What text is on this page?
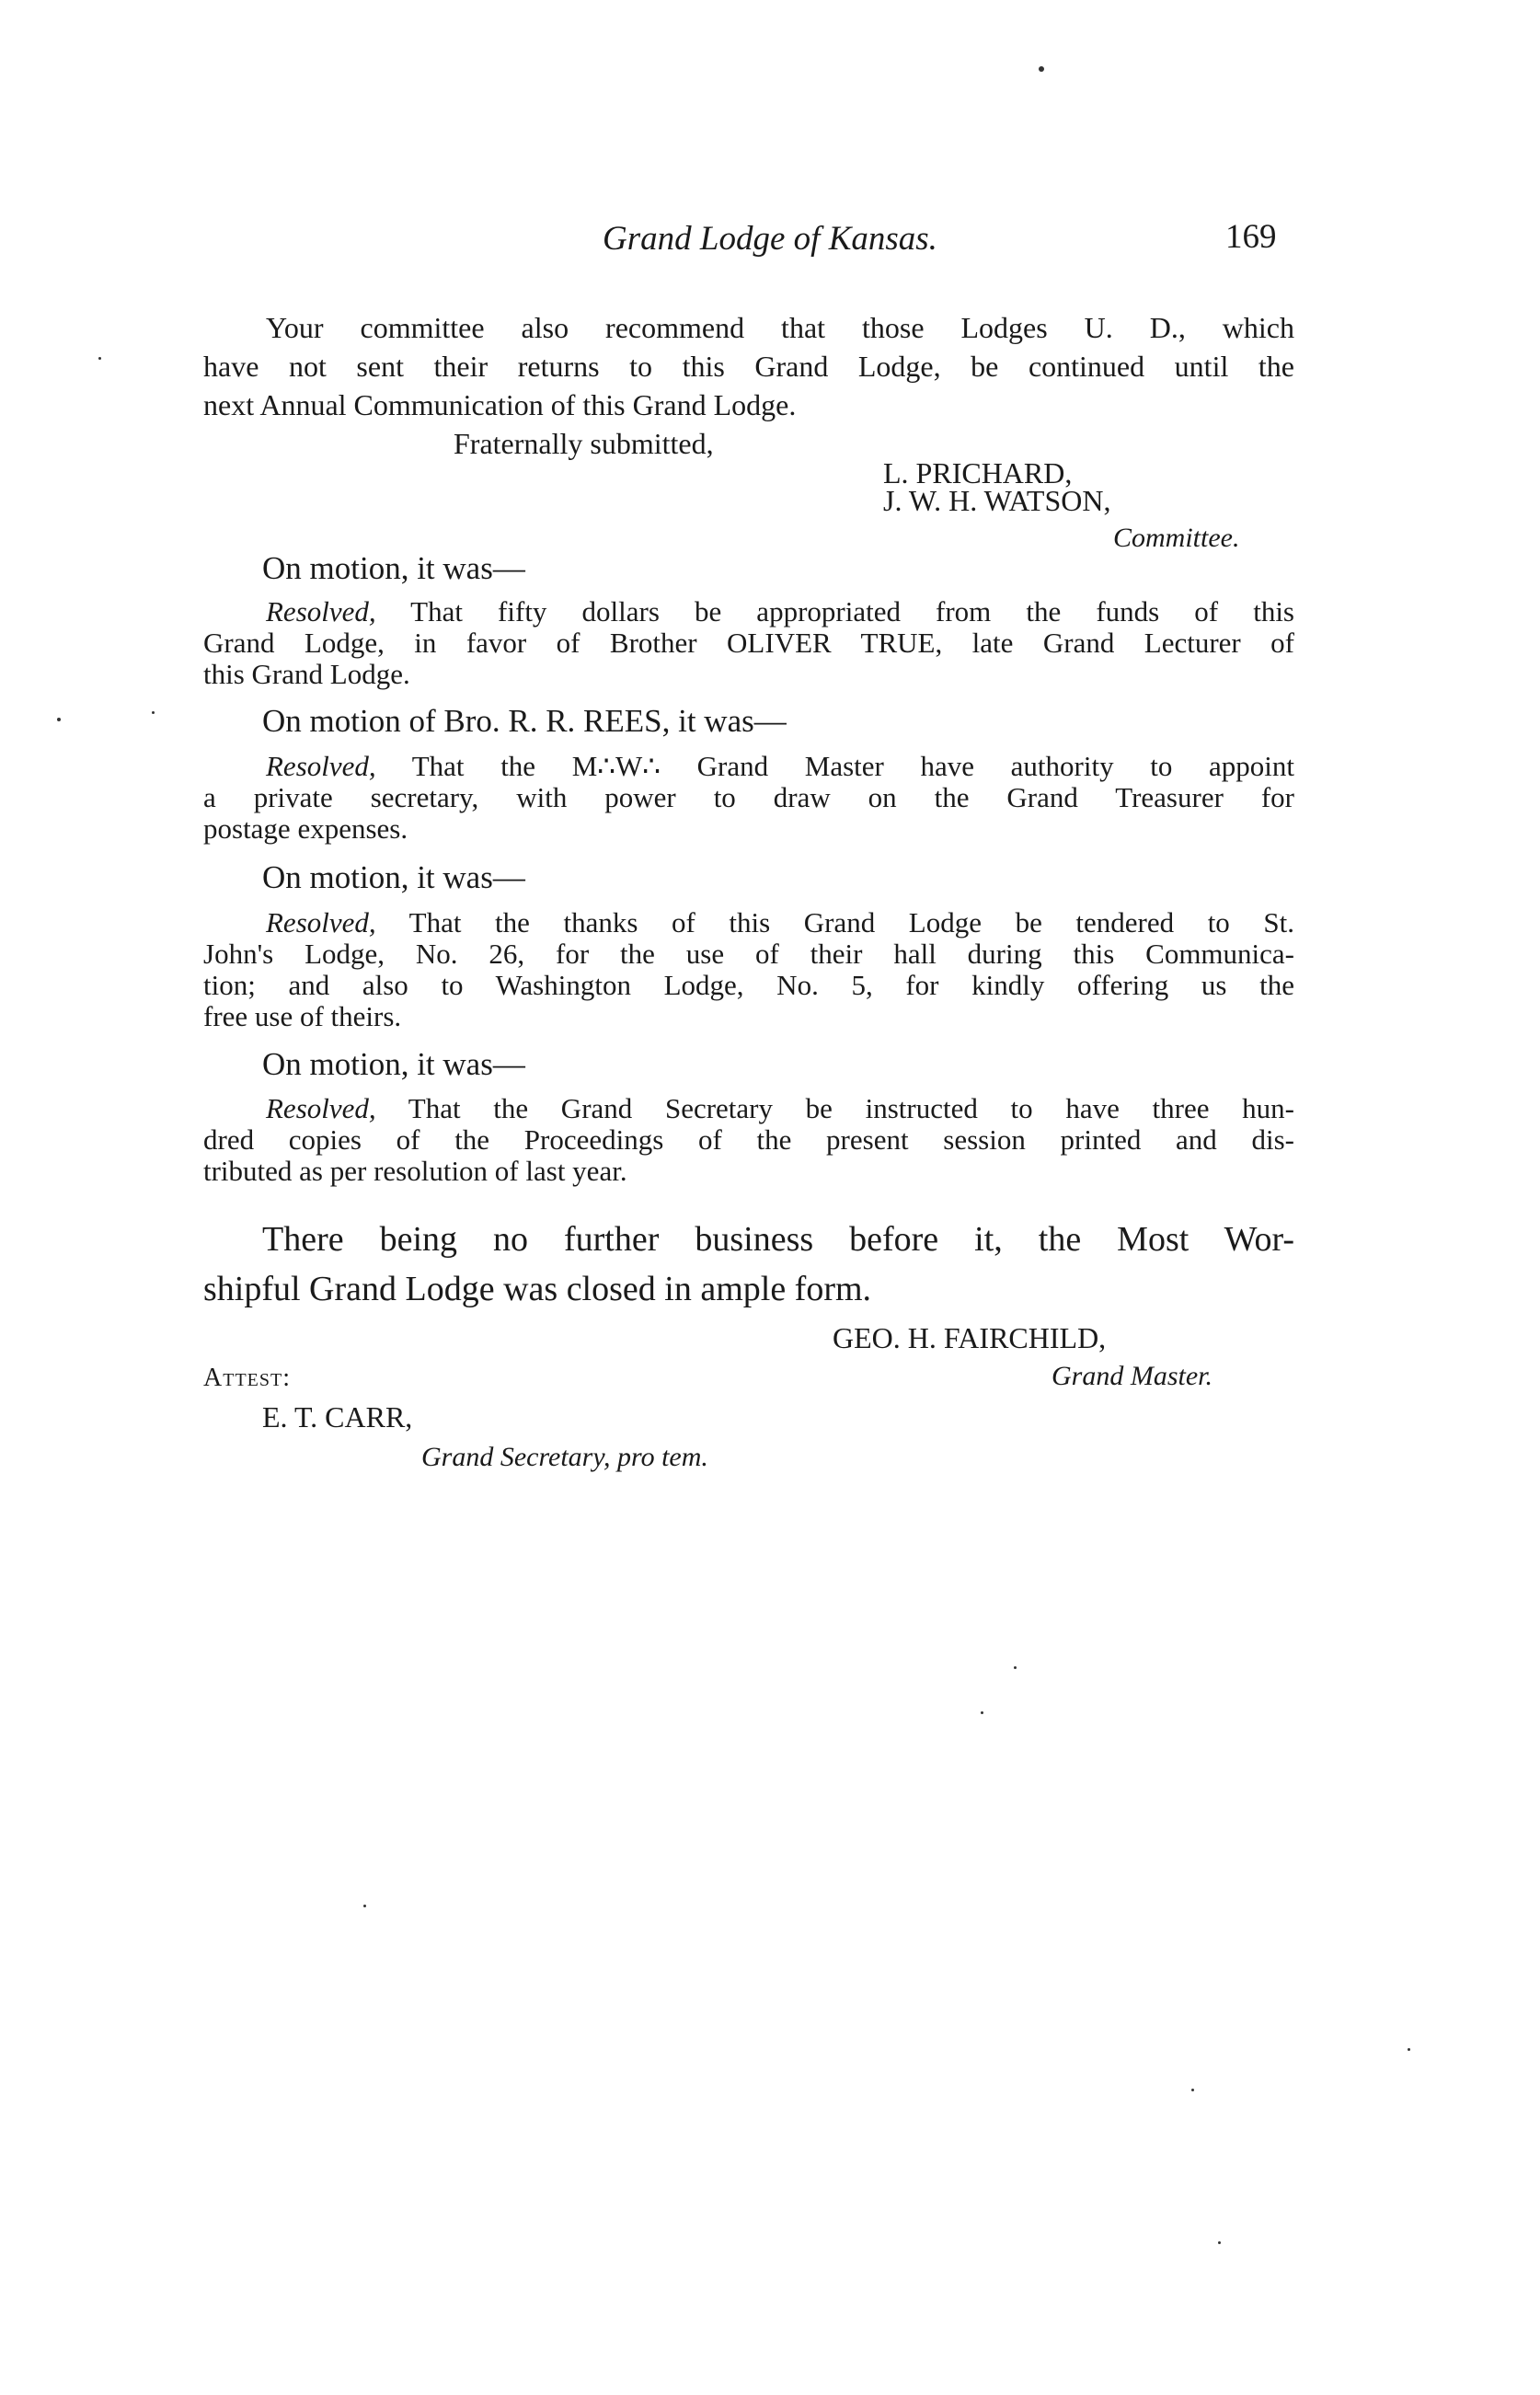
Grand Lodge of Kansas.	169
Your committee also recommend that those Lodges U. D., which
have not sent their returns to this Grand Lodge, be continued until the
next Annual Communication of this Grand Lodge.
Fraternally submitted,
L. PRICHARD,
J. W. H. WATSON,
Committee.
On motion, it was—
Resolved, That fifty dollars be appropriated from the funds of this
Grand Lodge, in favor of Brother OLIVER TRUE, late Grand Lecturer of
this Grand Lodge.
On motion of Bro. R. R. REES, it was—
Resolved, That the M∴W∴ Grand Master have authority to appoint
a private secretary, with power to draw on the Grand Treasurer for
postage expenses.
On motion, it was—
Resolved, That the thanks of this Grand Lodge be tendered to St.
John's Lodge, No. 26, for the use of their hall during this Communica-
tion; and also to Washington Lodge, No. 5, for kindly offering us the
free use of theirs.
On motion, it was—
Resolved, That the Grand Secretary be instructed to have three hun-
dred copies of the Proceedings of the present session printed and dis-
tributed as per resolution of last year.
There being no further business before it, the Most Wor-
shipful Grand Lodge was closed in ample form.
GEO. H. FAIRCHILD,
Grand Master.
Attest:
E. T. CARR,
Grand Secretary, pro tem.
